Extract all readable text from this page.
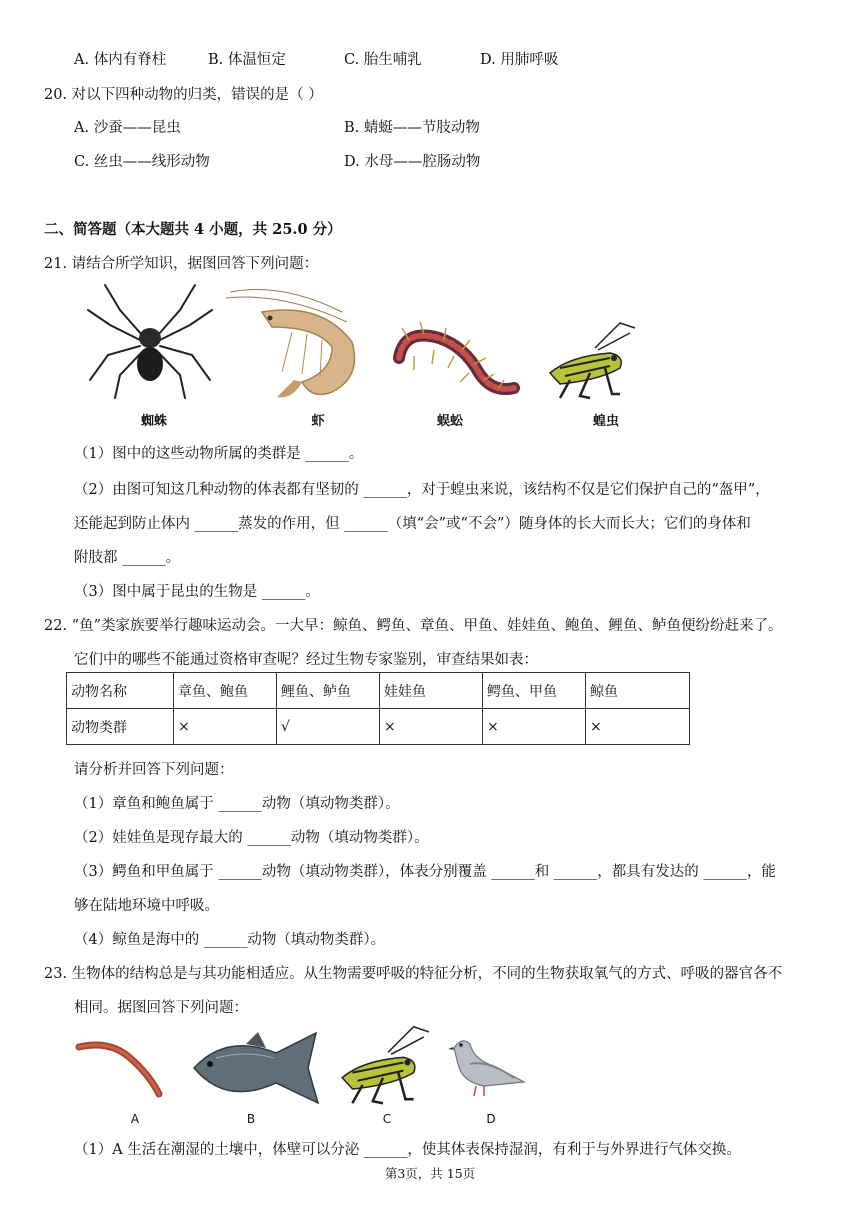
A. 体内有脊柱	B. 体温恒定	C. 胎生哺乳	D. 用肺呼吸
20. 对以下四种动物的归类，错误的是（ ）
A. 沙蚕——昆虫	B. 蜻蜓——节肢动物
C. 丝虫——线形动物	D. 水母——腔肠动物
二、简答题（本大题共 4 小题，共 25.0 分）
21. 请结合所学知识，据图回答下列问题：
蜘蛛	虾	蜈蚣	蝗虫
（1）图中的这些动物所属的类群是 ______。
（2）由图可知这几种动物的体表都有坚韧的 ______，对于蝗虫来说，该结构不仅是它们保护自己的“盔甲”，
还能起到防止体内 ______蒸发的作用，但 ______（填“会”或“不会”）随身体的长大而长大；它们的身体和
附肢都 ______。
（3）图中属于昆虫的生物是 ______。
22. “鱼”类家族要举行趣味运动会。一大早：鲸鱼、鳄鱼、章鱼、甲鱼、娃娃鱼、鲍鱼、鲤鱼、鲈鱼便纷纷赶来了。
它们中的哪些不能通过资格审查呢？经过生物专家鉴别，审查结果如表：
动物名称	章鱼、鲍鱼	鲤鱼、鲈鱼	娃娃鱼	鳄鱼、甲鱼	鲸鱼
动物类群	×	√	×	×	×
请分析并回答下列问题：
（1）章鱼和鲍鱼属于 ______动物（填动物类群）。
（2）娃娃鱼是现存最大的 ______动物（填动物类群）。
（3）鳄鱼和甲鱼属于 ______动物（填动物类群），体表分别覆盖 ______和 ______，都具有发达的 ______，能
够在陆地环境中呼吸。
（4）鲸鱼是海中的 ______动物（填动物类群）。
23. 生物体的结构总是与其功能相适应。从生物需要呼吸的特征分析，不同的生物获取氧气的方式、呼吸的器官各不
相同。据图回答下列问题：
A	B	C	D
（1）A 生活在潮湿的土壤中，体壁可以分泌 ______，使其体表保持湿润，有利于与外界进行气体交换。
第3页，共 15页
